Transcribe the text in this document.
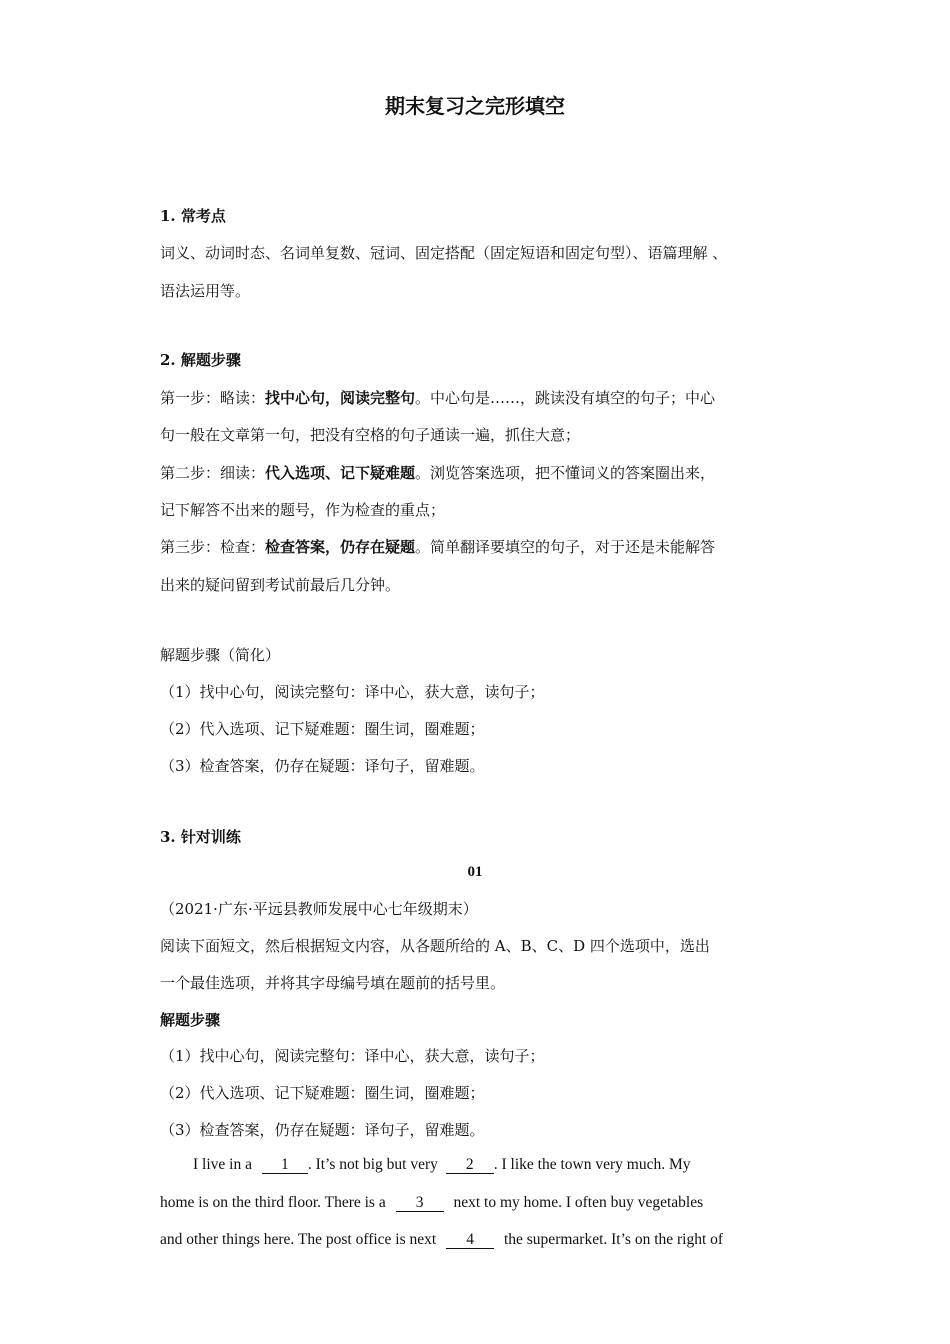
期末复习之完形填空
1. 常考点
词义、动词时态、名词单复数、冠词、固定搭配（固定短语和固定句型）、语篇理解 、
语法运用等。
2. 解题步骤
第一步：略读：找中心句，阅读完整句。中心句是……，跳读没有填空的句子；中心
句一般在文章第一句，把没有空格的句子通读一遍，抓住大意；
第二步：细读：代入选项、记下疑难题。浏览答案选项，把不懂词义的答案圈出来，
记下解答不出来的题号，作为检查的重点；
第三步：检查：检查答案，仍存在疑题。简单翻译要填空的句子，对于还是未能解答
出来的疑问留到考试前最后几分钟。
解题步骤（简化）
（1）找中心句，阅读完整句：译中心，获大意，读句子；
（2）代入选项、记下疑难题：圈生词，圈难题；
（3）检查答案，仍存在疑题：译句子，留难题。
3. 针对训练
01
（2021·广东·平远县教师发展中心七年级期末）
阅读下面短文，然后根据短文内容，从各题所给的 A、B、C、D 四个选项中，选出
一个最佳选项，并将其字母编号填在题前的括号里。
解题步骤
（1）找中心句，阅读完整句：译中心，获大意，读句子；
（2）代入选项、记下疑难题：圈生词，圈难题；
（3）检查答案，仍存在疑题：译句子，留难题。
I live in a 1 . It’s not big but very 2 . I like the town very much. My
home is on the third floor. There is a 3 next to my home. I often buy vegetables
and other things here. The post office is next 4 the supermarket. It’s on the right of
